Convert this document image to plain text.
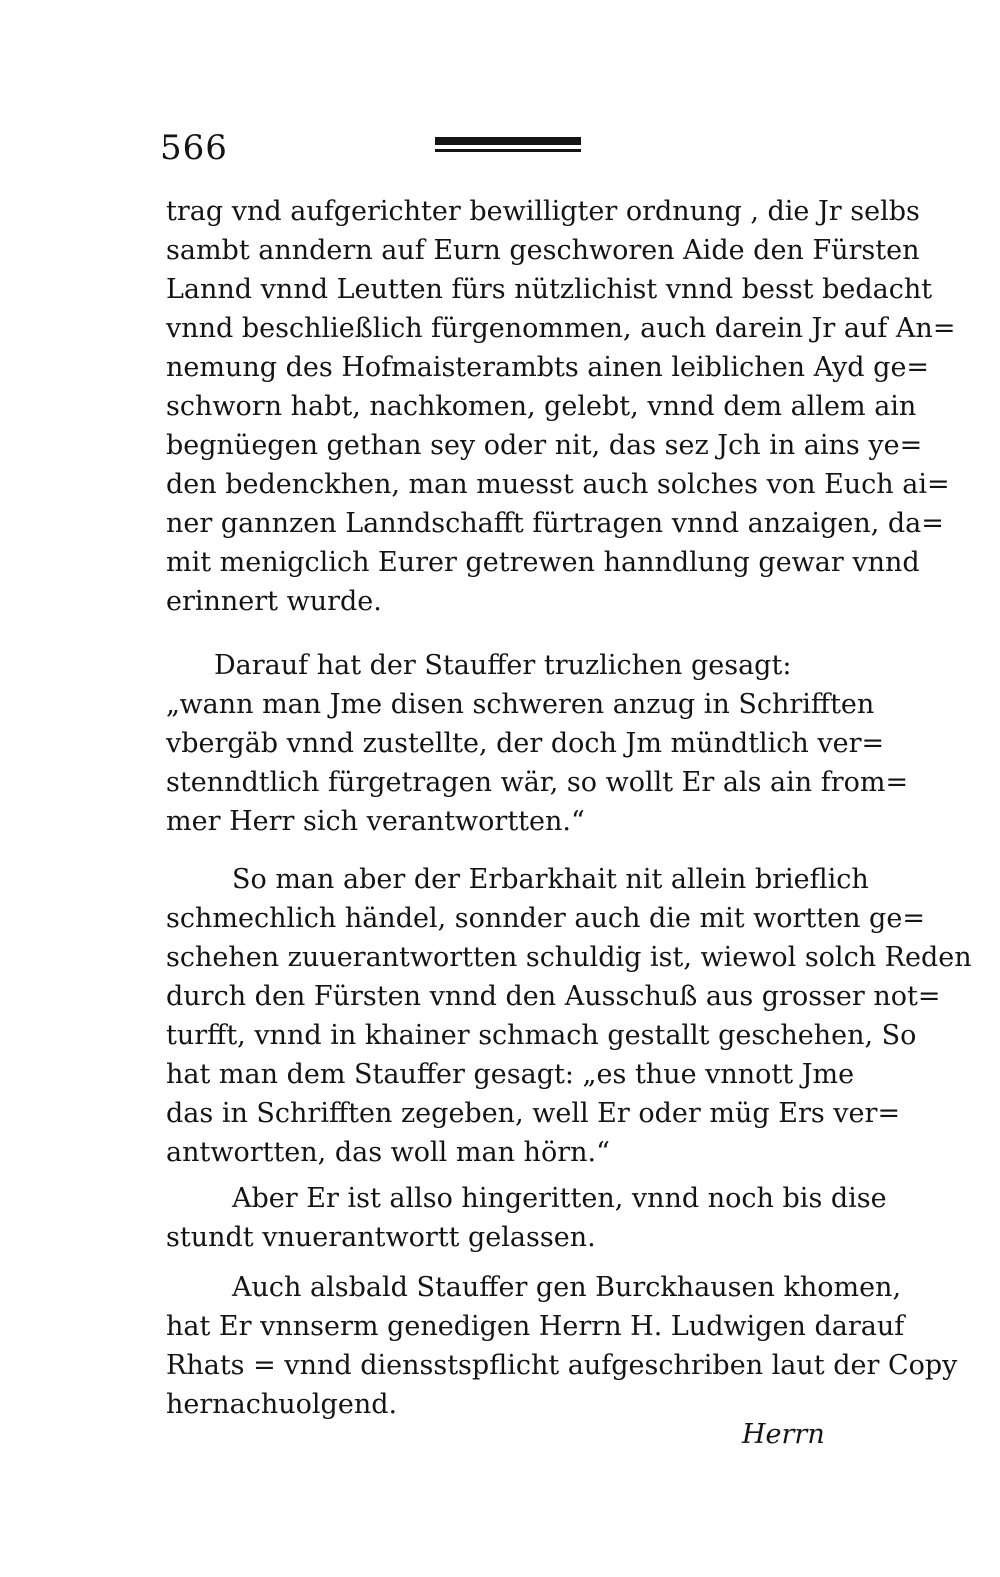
566
trag vnd aufgerichter bewilligter ordnung , die Jr selbs
sambt anndern auf Eurn geschworen Aide den Fürsten
Lannd vnnd Leutten fürs nützlichist vnnd besst bedacht
vnnd beschließlich fürgenommen, auch darein Jr auf An=
nemung des Hofmaisterambts ainen leiblichen Ayd ge=
schworn habt, nachkomen, gelebt, vnnd dem allem ain
begnüegen gethan sey oder nit, das sez Jch in ains ye=
den bedenckhen, man muesst auch solches von Euch ai=
ner gannzen Lanndschafft fürtragen vnnd anzaigen, da=
mit menigclich Eurer getrewen hanndlung gewar vnnd
erinnert wurde.
Darauf hat der Stauffer truzlichen gesagt:
„wann man Jme disen schweren anzug in Schrifften
vbergäb vnnd zustellte, der doch Jm mündtlich ver=
stenndtlich fürgetragen wär, so wollt Er als ain from=
mer Herr sich verantwortten.“
So man aber der Erbarkhait nit allein brieflich
schmechlich händel, sonnder auch die mit wortten ge=
schehen zuuerantwortten schuldig ist, wiewol solch Reden
durch den Fürsten vnnd den Ausschuß aus grosser not=
turfft, vnnd in khainer schmach gestallt geschehen, So
hat man dem Stauffer gesagt: „es thue vnnott Jme
das in Schrifften zegeben, well Er oder müg Ers ver=
antwortten, das woll man hörn.“
Aber Er ist allso hingeritten, vnnd noch bis dise
stundt vnuerantwortt gelassen.
Auch alsbald Stauffer gen Burckhausen khomen,
hat Er vnnserm genedigen Herrn H. Ludwigen darauf
Rhats = vnnd diensstspflicht aufgeschriben laut der Copy
hernachuolgend.
Herrn
